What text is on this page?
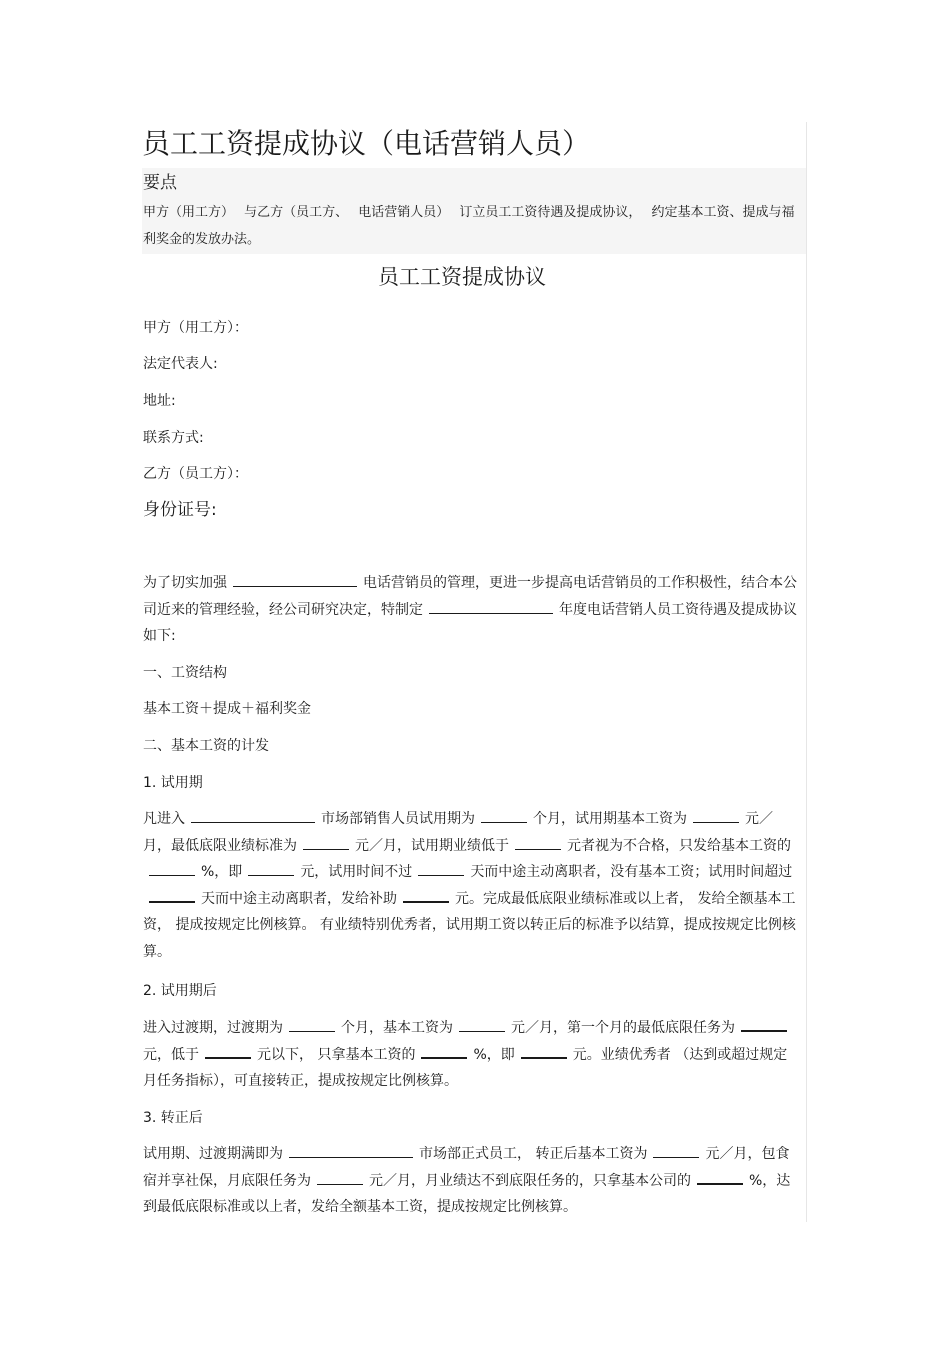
员工工资提成协议（电话营销人员）
要点
甲方（用工方） 与乙方（员工方、 电话营销人员） 订立员工工资待遇及提成协议， 约定基本工资、提成与福利奖金的发放办法。
员工工资提成协议
甲方（用工方）：
法定代表人:
地址:
联系方式:
乙方（员工方）：
身份证号:
为了切实加强	电话营销员的管理，更进一步提高电话营销员的工作积极性，结合本公司近来的管理经验，经公司研究决定，特制定	年度电话营销人员工资待遇及提成协议如下:
一、工资结构
基本工资＋提成＋福利奖金
二、基本工资的计发
1. 试用期
凡进入	市场部销售人员试用期为	个月，试用期基本工资为	元／月，最低底限业绩标准为	元／月，试用期业绩低于	元者视为不合格，只发给基本工资的%，即	元，试用时间不过	天而中途主动离职者，没有基本工资；试用时间超过天而中途主动离职者，发给补助	元。完成最低底限业绩标准或以上者， 发给全额基本工资， 提成按规定比例核算。 有业绩特别优秀者，试用期工资以转正后的标准予以结算，提成按规定比例核算。
2. 试用期后
进入过渡期，过渡期为	个月，基本工资为	元／月，第一个月的最低底限任务为元，低于	元以下， 只拿基本工资的	%，即	元。业绩优秀者 （达到或超过规定月任务指标），可直接转正，提成按规定比例核算。
3. 转正后
试用期、过渡期满即为	市场部正式员工， 转正后基本工资为	元／月，包食宿并享社保，月底限任务为	元／月，月业绩达不到底限任务的，只拿基本公司的	%，达到最低底限标准或以上者，发给全额基本工资，提成按规定比例核算。
